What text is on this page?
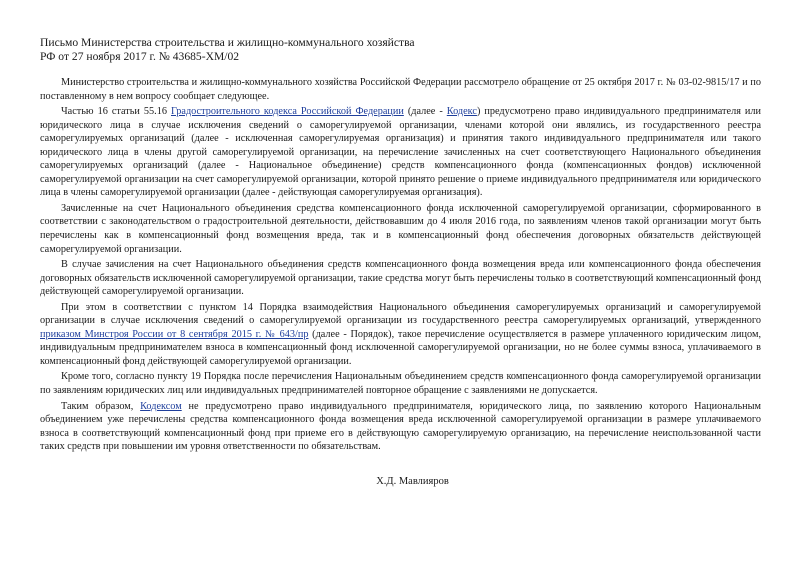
Письмо Министерства строительства и жилищно-коммунального хозяйства РФ от 27 ноября 2017 г. № 43685-ХМ/02

Министерство строительства и жилищно-коммунального хозяйства Российской Федерации рассмотрело обращение от 25 октября 2017 г. № 03-02-9815/17 и по поставленному в нем вопросу сообщает следующее.

Частью 16 статьи 55.16 Градостроительного кодекса Российской Федерации (далее - Кодекс) предусмотрено право индивидуального предпринимателя или юридического лица в случае исключения сведений о саморегулируемой организации, членами которой они являлись, из государственного реестра саморегулируемых организаций (далее - исключенная саморегулируемая организация) и принятия такого индивидуального предпринимателя или такого юридического лица в члены другой саморегулируемой организации, на перечисление зачисленных на счет соответствующего Национального объединения саморегулируемых организаций (далее - Национальное объединение) средств компенсационного фонда (компенсационных фондов) исключенной саморегулируемой организации на счет саморегулируемой организации, которой принято решение о приеме индивидуального предпринимателя или юридического лица в члены саморегулируемой организации (далее - действующая саморегулируемая организация).

Зачисленные на счет Национального объединения средства компенсационного фонда исключенной саморегулируемой организации, сформированного в соответствии с законодательством о градостроительной деятельности, действовавшим до 4 июля 2016 года, по заявлениям членов такой организации могут быть перечислены как в компенсационный фонд возмещения вреда, так и в компенсационный фонд обеспечения договорных обязательств действующей саморегулируемой организации.

В случае зачисления на счет Национального объединения средств компенсационного фонда возмещения вреда или компенсационного фонда обеспечения договорных обязательств исключенной саморегулируемой организации, такие средства могут быть перечислены только в соответствующий компенсационный фонд действующей саморегулируемой организации.

При этом в соответствии с пунктом 14 Порядка взаимодействия Национального объединения саморегулируемых организаций и саморегулируемой организации в случае исключения сведений о саморегулируемой организации из государственного реестра саморегулируемых организаций, утвержденного приказом Минстроя России от 8 сентября 2015 г. № 643/пр (далее - Порядок), такое перечисление осуществляется в размере уплаченного юридическим лицом, индивидуальным предпринимателем взноса в компенсационный фонд исключенной саморегулируемой организации, но не более суммы взноса, уплачиваемого в компенсационный фонд действующей саморегулируемой организации.

Кроме того, согласно пункту 19 Порядка после перечисления Национальным объединением средств компенсационного фонда саморегулируемой организации по заявлениям юридических лиц или индивидуальных предпринимателей повторное обращение с заявлениями не допускается.

Таким образом, Кодексом не предусмотрено право индивидуального предпринимателя, юридического лица, по заявлению которого Национальным объединением уже перечислены средства компенсационного фонда возмещения вреда исключенной саморегулируемой организации в размере уплачиваемого взноса в соответствующий компенсационный фонд при приеме его в действующую саморегулируемую организацию, на перечисление неиспользованной части таких средств при повышении им уровня ответственности по обязательствам.

Х.Д. Мавлияров
